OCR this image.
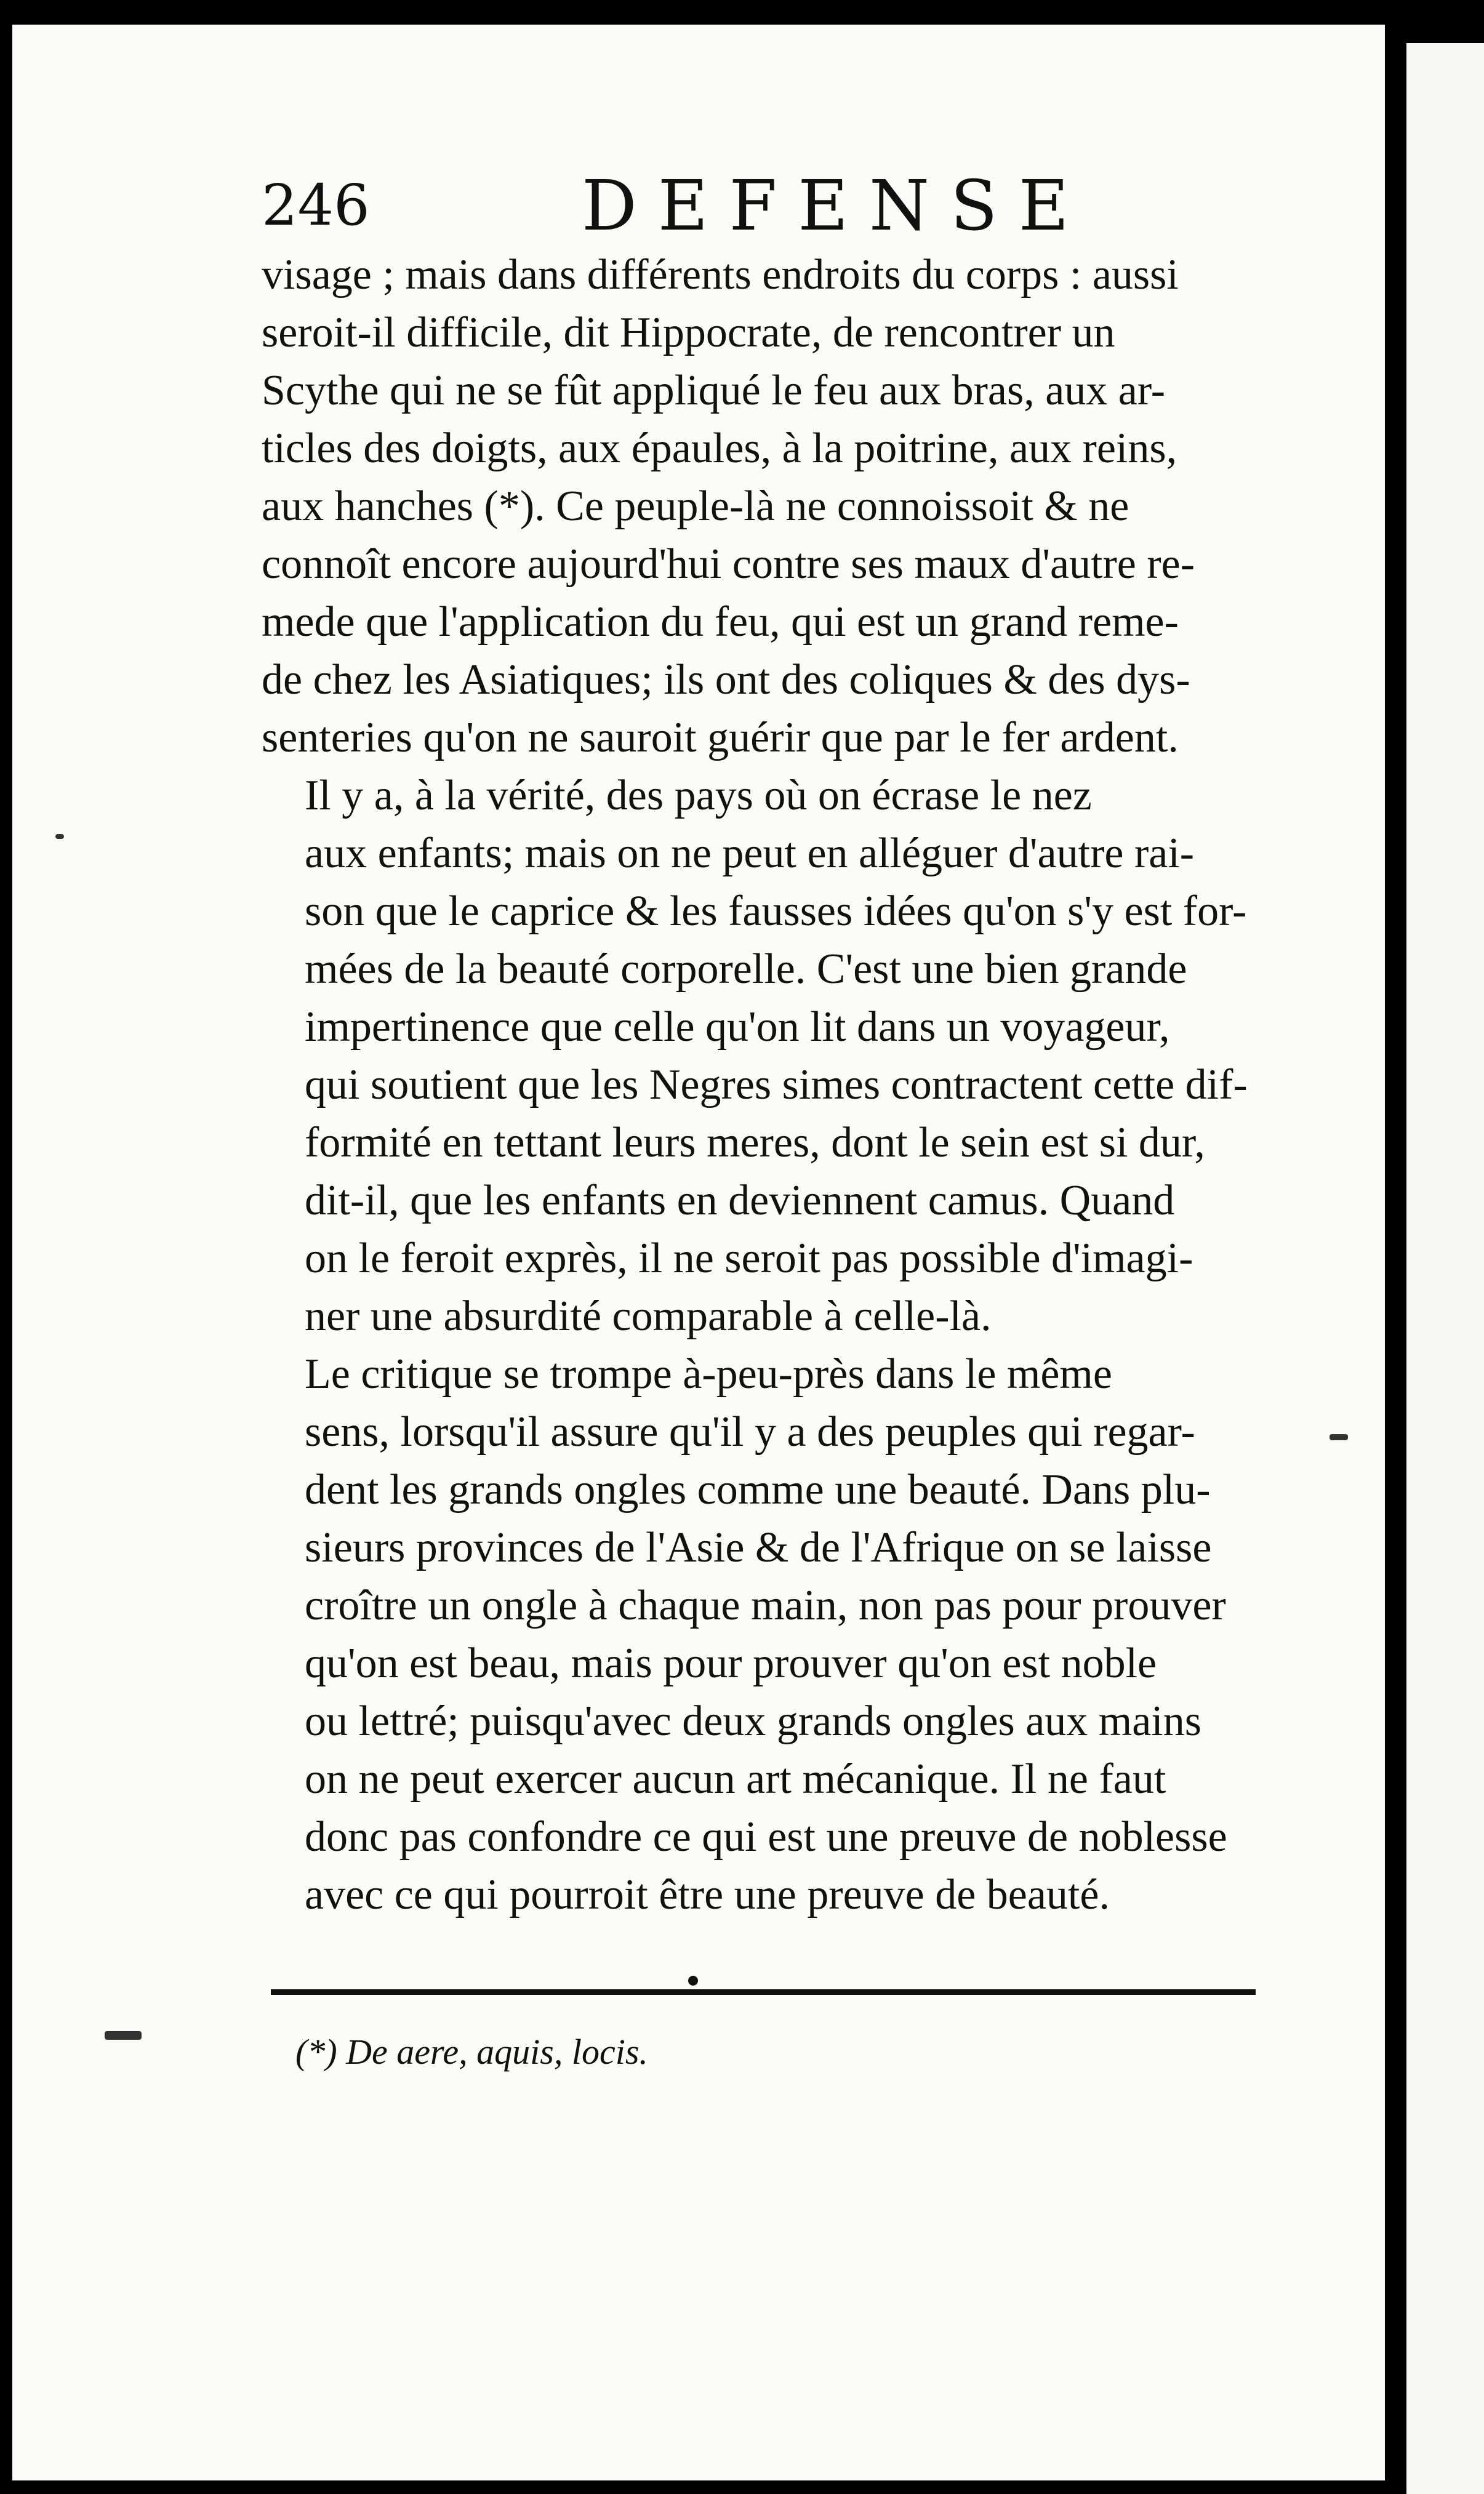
246	DEFENSE

visage ; mais dans différents endroits du corps : aussi
seroit-il difficile, dit Hippocrate, de rencontrer un
Scythe qui ne se fût appliqué le feu aux bras, aux ar-
ticles des doigts, aux épaules, à la poitrine, aux reins,
aux hanches (*). Ce peuple-là ne connoissoit & ne
connoît encore aujourd'hui contre ses maux d'autre re-
mede que l'application du feu, qui est un grand reme-
de chez les Asiatiques; ils ont des coliques & des dys-
senteries qu'on ne sauroit guérir que par le fer ardent.

Il y a, à la vérité, des pays où on écrase le nez
aux enfants; mais on ne peut en alléguer d'autre rai-
son que le caprice & les fausses idées qu'on s'y est for-
mées de la beauté corporelle. C'est une bien grande
impertinence que celle qu'on lit dans un voyageur,
qui soutient que les Negres simes contractent cette dif-
formité en tettant leurs meres, dont le sein est si dur,
dit-il, que les enfants en deviennent camus. Quand
on le feroit exprès, il ne seroit pas possible d'imagi-
ner une absurdité comparable à celle-là.

Le critique se trompe à-peu-près dans le même
sens, lorsqu'il assure qu'il y a des peuples qui regar-
dent les grands ongles comme une beauté. Dans plu-
sieurs provinces de l'Asie & de l'Afrique on se laisse
croître un ongle à chaque main, non pas pour prouver
qu'on est beau, mais pour prouver qu'on est noble
ou lettré; puisqu'avec deux grands ongles aux mains
on ne peut exercer aucun art mécanique. Il ne faut
donc pas confondre ce qui est une preuve de noblesse
avec ce qui pourroit être une preuve de beauté.

(*) De aere, aquis, locis.
